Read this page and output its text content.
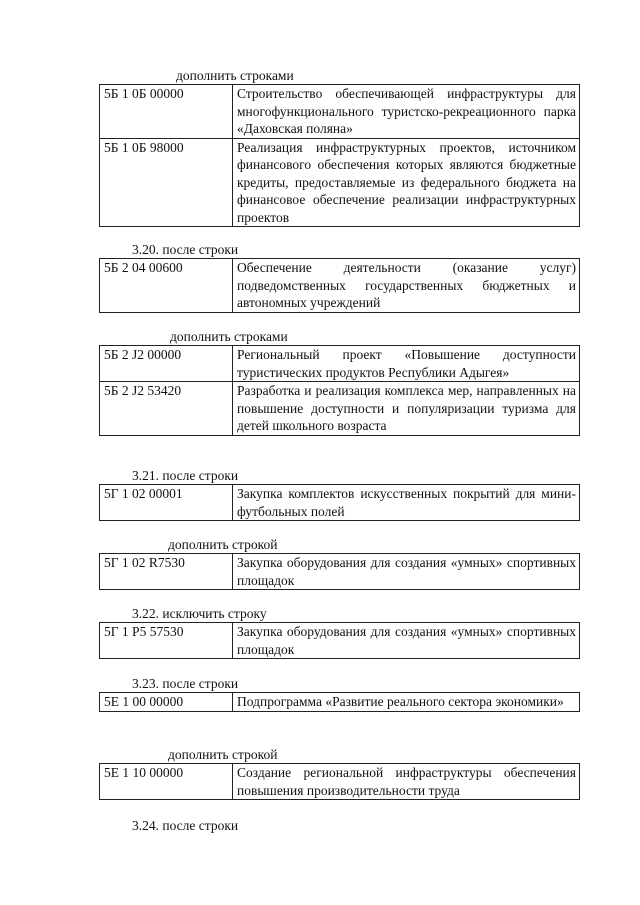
дополнить строками
5Б 1 0Б 00000	Строительство обеспечивающей инфраструктуры для многофункционального туристско-рекреационного парка «Даховская поляна»
5Б 1 0Б 98000	Реализация инфраструктурных проектов, источником финансового обеспечения которых являются бюджетные кредиты, предоставляемые из федерального бюджета на финансовое обеспечение реализации инфраструктурных проектов
3.20. после строки
5Б 2 04 00600	Обеспечение деятельности (оказание услуг) подведомственных государственных бюджетных и автономных учреждений
дополнить строками
5Б 2 J2 00000	Региональный проект «Повышение доступности туристических продуктов Республики Адыгея»
5Б 2 J2 53420	Разработка и реализация комплекса мер, направленных на повышение доступности и популяризации туризма для детей школьного возраста
3.21. после строки
5Г 1 02 00001	Закупка комплектов искусственных покрытий для мини-футбольных полей
дополнить строкой
5Г 1 02 R7530	Закупка оборудования для создания «умных» спортивных площадок
3.22. исключить строку
5Г 1 P5 57530	Закупка оборудования для создания «умных» спортивных площадок
3.23. после строки
5Е 1 00 00000	Подпрограмма «Развитие реального сектора экономики»
дополнить строкой
5Е 1 10 00000	Создание региональной инфраструктуры обеспечения повышения производительности труда
3.24. после строки
